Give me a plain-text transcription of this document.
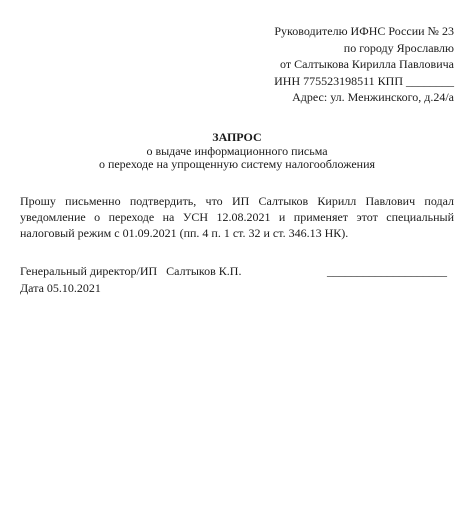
Руководителю ИФНС России № 23
по городу Ярославлю
от Салтыкова Кирилла Павловича
ИНН 775523198511 КПП ________
Адрес: ул. Менжинского, д.24/а
ЗАПРОС
о выдаче информационного письма
о переходе на упрощенную систему налогообложения

Прошу письменно подтвердить, что ИП Салтыков Кирилл Павлович подал уведомление о переходе на УСН 12.08.2021 и применяет этот специальный налоговый режим с 01.09.2021 (пп. 4 п. 1 ст. 32 и ст. 346.13 НК).

Генеральный директор/ИП   Салтыков К.П.	____________________
Дата 05.10.2021
